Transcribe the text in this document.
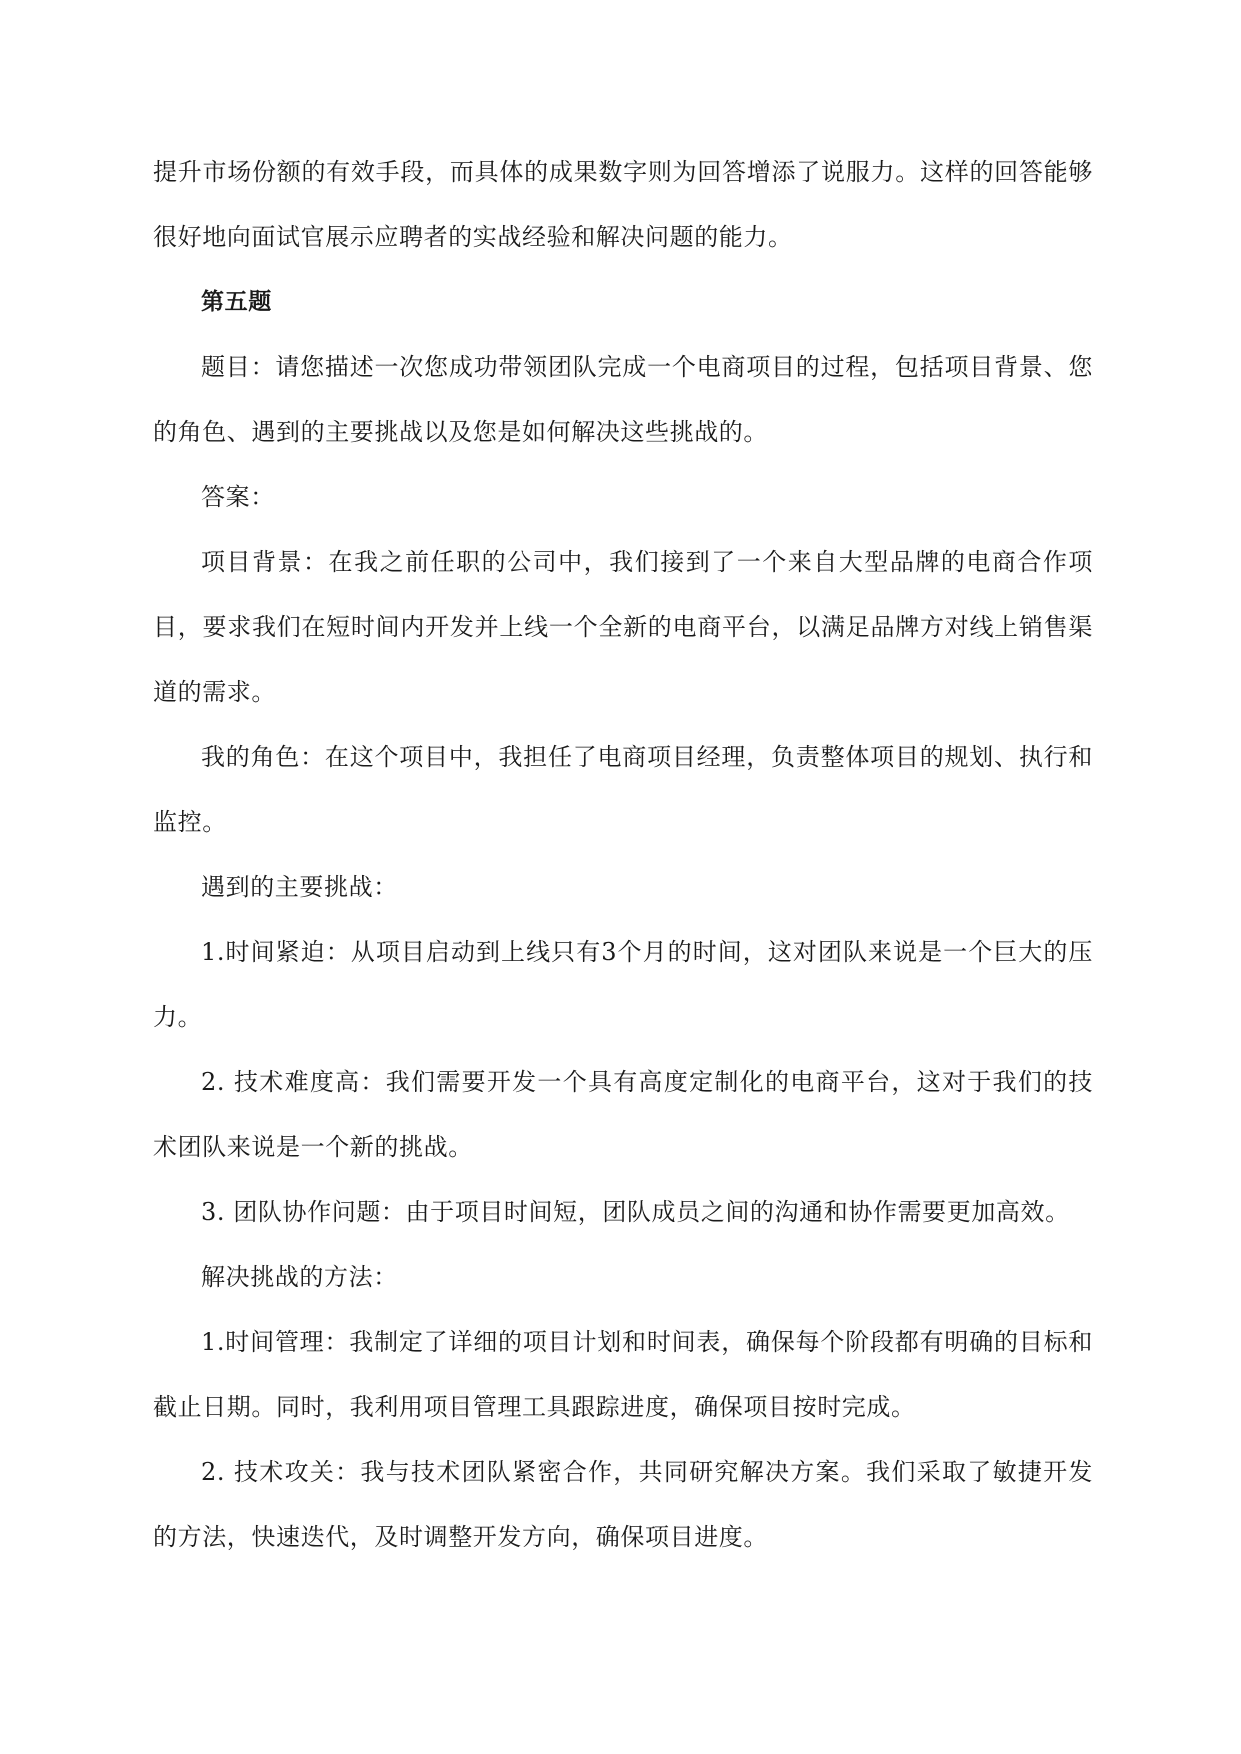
提升市场份额的有效手段，而具体的成果数字则为回答增添了说服力。这样的回答能够很好地向面试官展示应聘者的实战经验和解决问题的能力。

第五题

题目：请您描述一次您成功带领团队完成一个电商项目的过程，包括项目背景、您的角色、遇到的主要挑战以及您是如何解决这些挑战的。

答案：

项目背景：在我之前任职的公司中，我们接到了一个来自大型品牌的电商合作项目，要求我们在短时间内开发并上线一个全新的电商平台，以满足品牌方对线上销售渠道的需求。

我的角色：在这个项目中，我担任了电商项目经理，负责整体项目的规划、执行和监控。

遇到的主要挑战：

1.时间紧迫：从项目启动到上线只有3个月的时间，这对团队来说是一个巨大的压力。

2. 技术难度高：我们需要开发一个具有高度定制化的电商平台，这对于我们的技术团队来说是一个新的挑战。

3. 团队协作问题：由于项目时间短，团队成员之间的沟通和协作需要更加高效。

解决挑战的方法：

1.时间管理：我制定了详细的项目计划和时间表，确保每个阶段都有明确的目标和截止日期。同时，我利用项目管理工具跟踪进度，确保项目按时完成。

2. 技术攻关：我与技术团队紧密合作，共同研究解决方案。我们采取了敏捷开发的方法，快速迭代，及时调整开发方向，确保项目进度。
